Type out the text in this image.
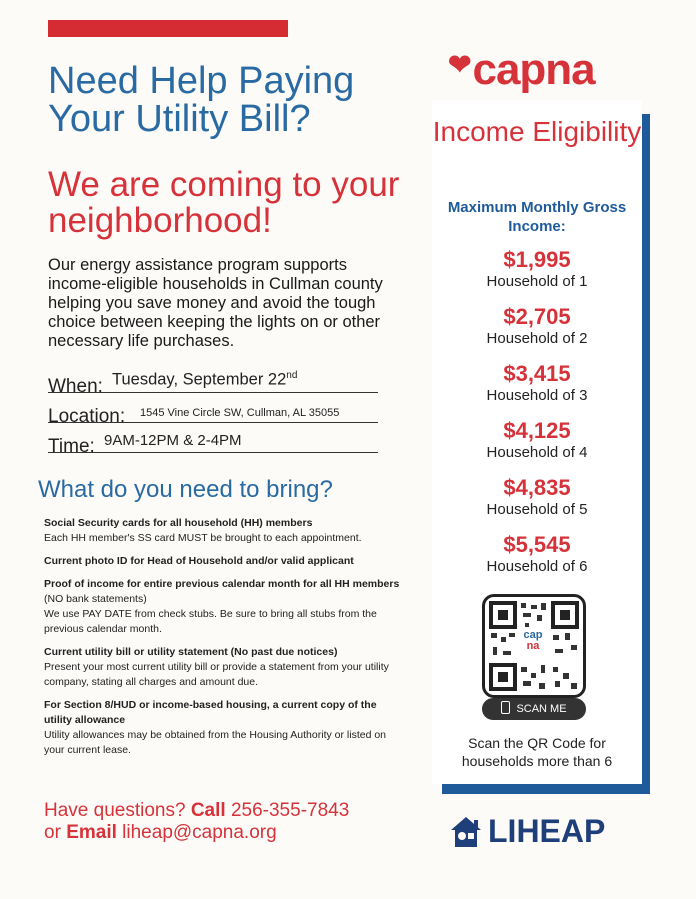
Need Help Paying Your Utility Bill?
We are coming to your neighborhood!

Our energy assistance program supports income-eligible households in Cullman county helping you save money and avoid the tough choice between keeping the lights on or other necessary life purchases.

When: Tuesday, September 22nd
Location: 1545 Vine Circle SW, Cullman, AL 35055
Time: 9AM-12PM & 2-4PM
What do you need to bring?
Social Security cards for all household (HH) members
Each HH member's SS card MUST be brought to each appointment.
Current photo ID for Head of Household and/or valid applicant
Proof of income for entire previous calendar month for all HH members (NO bank statements)
We use PAY DATE from check stubs. Be sure to bring all stubs from the previous calendar month.
Current utility bill or utility statement (No past due notices)
Present your most current utility bill or provide a statement from your utility company, stating all charges and amount due.
For Section 8/HUD or income-based housing, a current copy of the utility allowance
Utility allowances may be obtained from the Housing Authority or listed on your current lease.
Have questions? Call 256-355-7843
or Email liheap@capna.org
❤capna
Income Eligibility
Maximum Monthly Gross Income:
$1,995
Household of 1
$2,705
Household of 2
$3,415
Household of 3
$4,125
Household of 4
$4,835
Household of 5
$5,545
Household of 6
cap
na
SCAN ME
Scan the QR Code for households more than 6
LIHEAP
